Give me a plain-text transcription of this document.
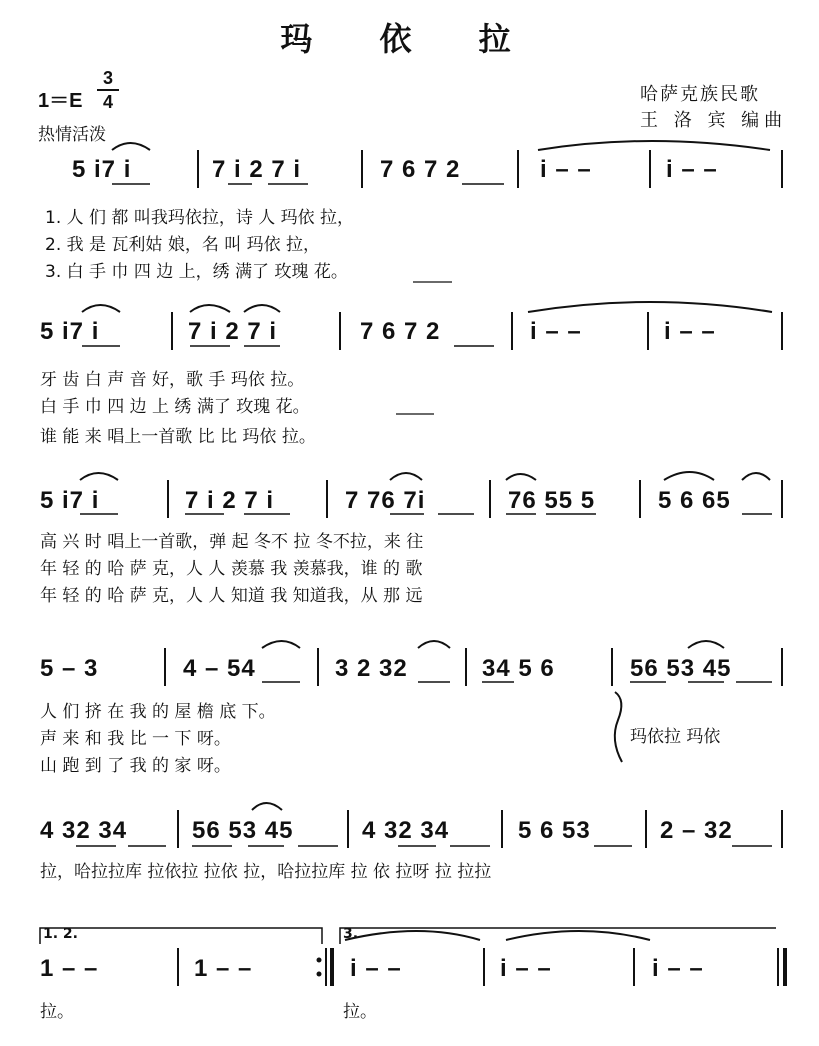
玛 依 拉
1＝E
3
4
热情活泼
哈萨克族民歌
王 洛 宾 编曲
5 i7 i	7 i 2 7 i	7 6 7 2	i – –	i – –
1. 人 们 都 叫我玛依拉，诗 人 玛依 拉，
2. 我 是 瓦利姑 娘，名 叫 玛依 拉，
3. 白 手 巾 四 边 上，绣 满了 玫瑰 花。
5 i7 i	7 i 2 7 i	7 6 7 2	i – –	i – –
牙 齿 白 声 音 好，歌 手 玛依 拉。
白 手 巾 四 边 上 绣 满了 玫瑰 花。
谁 能 来 唱上一首歌 比 比 玛依 拉。
5 i7 i	7 i 2 7 i	7 76 7i	76 55 5	5 6 65
高 兴 时 唱上一首歌，弹 起 冬不 拉 冬不拉，来 往
年 轻 的 哈 萨 克，人 人 羡慕 我 羡慕我，谁 的 歌
年 轻 的 哈 萨 克，人 人 知道 我 知道我，从 那 远
5 – 3	4 – 54	3 2 32	34 5 6	56 53 45
人 们 挤 在 我 的 屋 檐 底 下。
声 来 和 我 比 一 下 呀。
山 跑 到 了 我 的 家 呀。
玛依拉 玛依
4 32 34	56 53 45	4 32 34	5 6 53	2 – 32
拉，哈拉拉库 拉依拉 拉依 拉，哈拉拉库 拉 依 拉呀 拉 拉拉
1. 2.	3.
1 – –	1 – –	i – –	i – –	i – –
拉。	拉。
